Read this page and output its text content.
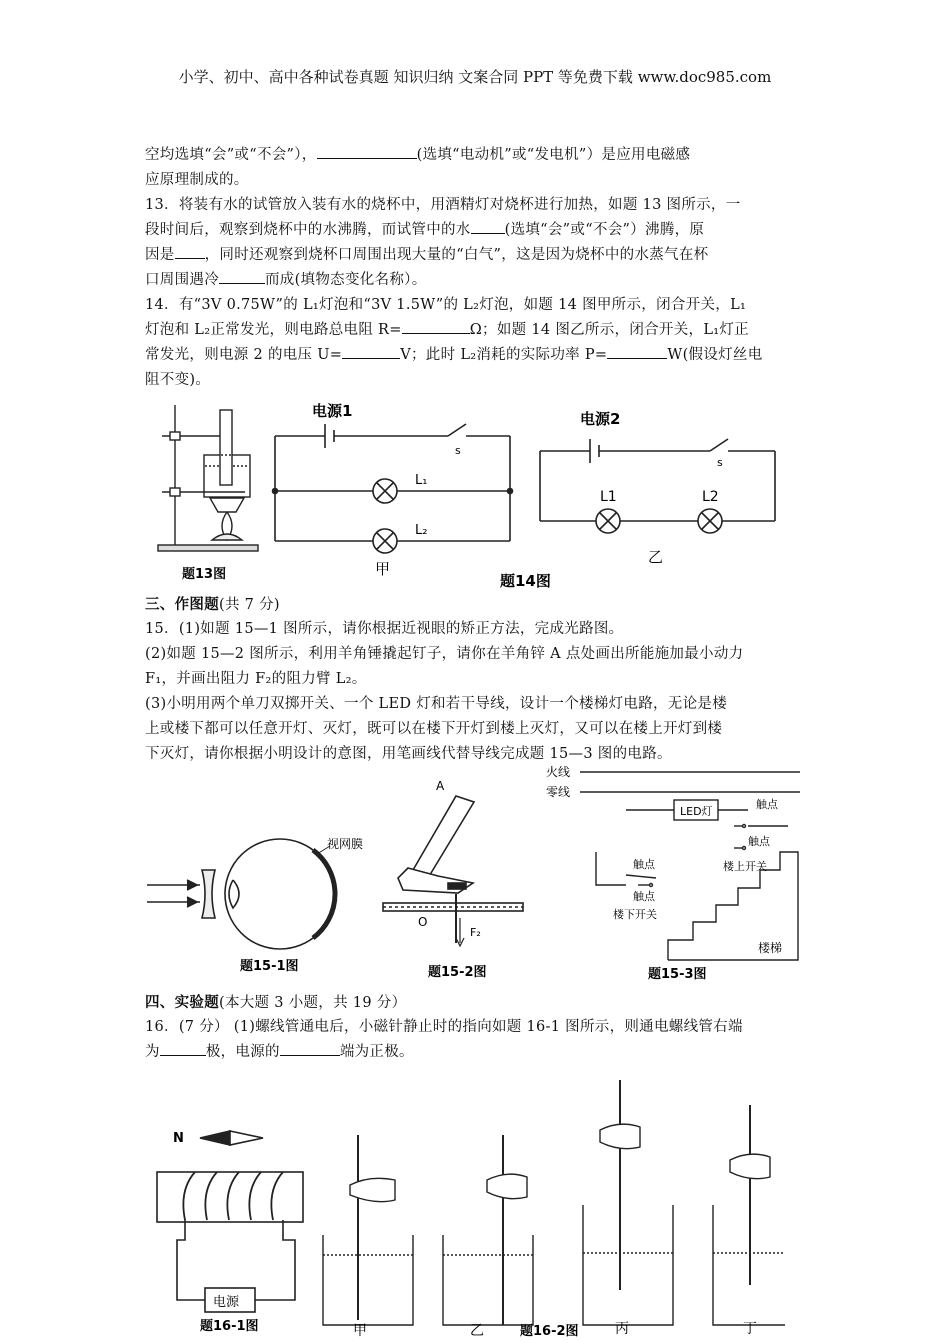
小学、初中、高中各种试卷真题 知识归纳 文案合同 PPT 等免费下载 www.doc985.com
空均选填“会”或“不会”），	(选填“电动机”或“发电机”）是应用电磁感
应原理制成的。
13．将装有水的试管放入装有水的烧杯中，用酒精灯对烧杯进行加热，如题 13 图所示，一
段时间后，观察到烧杯中的水沸腾，而试管中的水 (选填“会”或“不会”）沸腾，原
因是 ，同时还观察到烧杯口周围出现大量的“白气”，这是因为烧杯中的水蒸气在杯
口周围遇冷	而成(填物态变化名称）。
14．有“3V 0.75W”的 L₁灯泡和“3V 1.5W”的 L₂灯泡，如题 14 图甲所示，闭合开关，L₁
灯泡和 L₂正常发光，则电路总电阻 R=	Ω；如题 14 图乙所示，闭合开关，L₁灯正
常发光，则电源 2 的电压 U=	V；此时 L₂消耗的实际功率 P=	W(假设灯丝电
阻不变)。
题13图
电源1
s
L₁
L₂
甲
题14图
电源2
s
L1	L2
乙
三、作图题(共 7 分)
15．(1)如题 15—1 图所示，请你根据近视眼的矫正方法，完成光路图。
(2)如题 15—2 图所示，利用羊角锤撬起钉子，请你在羊角锌 A 点处画出所能施加最小动力
F₁，并画出阻力 F₂的阻力臂 L₂。
(3)小明用两个单刀双掷开关、一个 LED 灯和若干导线，设计一个楼梯灯电路，无论是楼
上或楼下都可以任意开灯、灭灯，既可以在楼下开灯到楼上灭灯，又可以在楼上开灯到楼
下灭灯，请你根据小明设计的意图，用笔画线代替导线完成题 15—3 图的电路。
视网膜
题15-1图
A
O
F₂
题15-2图
火线
零线
LED灯
触点
触点
楼上开关
触点
触点
楼下开关
楼梯
题15-3图
四、实验题(本大题 3 小题，共 19 分）
16．(7 分） (1)螺线管通电后，小磁针静止时的指向如题 16-1 图所示，则通电螺线管右端
为	极，电源的	端为正极。
N
电源
题16-1图	甲	乙	题16-2图	丙	丁
